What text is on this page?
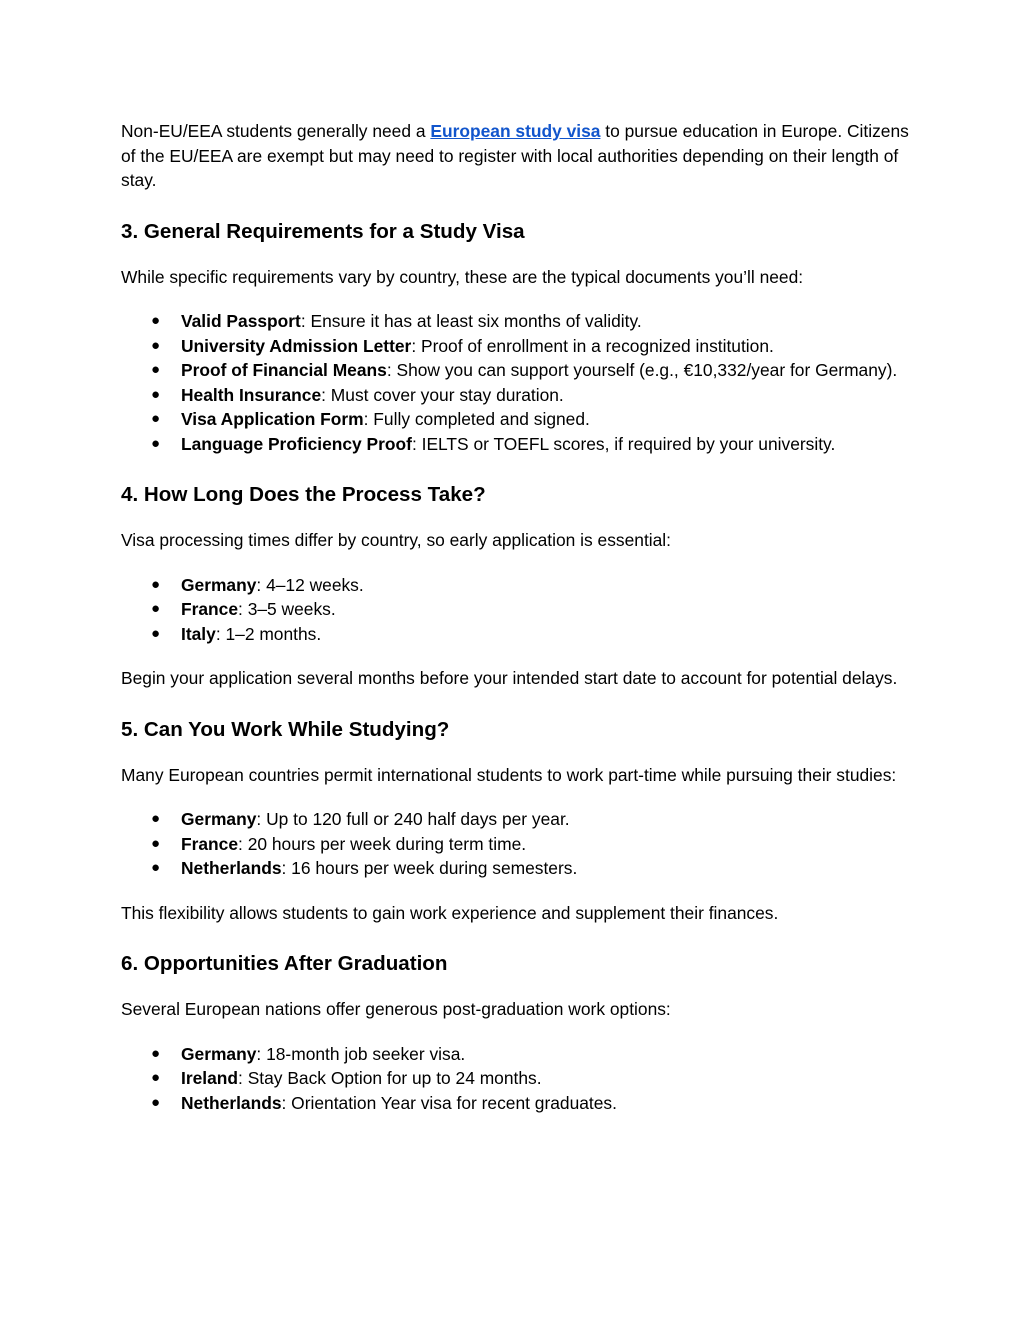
Non-EU/EEA students generally need a European study visa to pursue education in Europe. Citizens of the EU/EEA are exempt but may need to register with local authorities depending on their length of stay.

3. General Requirements for a Study Visa

While specific requirements vary by country, these are the typical documents you’ll need:

● Valid Passport: Ensure it has at least six months of validity.
● University Admission Letter: Proof of enrollment in a recognized institution.
● Proof of Financial Means: Show you can support yourself (e.g., €10,332/year for Germany).
● Health Insurance: Must cover your stay duration.
● Visa Application Form: Fully completed and signed.
● Language Proficiency Proof: IELTS or TOEFL scores, if required by your university.
4. How Long Does the Process Take?

Visa processing times differ by country, so early application is essential:

● Germany: 4–12 weeks.
● France: 3–5 weeks.
● Italy: 1–2 months.

Begin your application several months before your intended start date to account for potential delays.

5. Can You Work While Studying?

Many European countries permit international students to work part-time while pursuing their studies:

● Germany: Up to 120 full or 240 half days per year.
● France: 20 hours per week during term time.
● Netherlands: 16 hours per week during semesters.

This flexibility allows students to gain work experience and supplement their finances.

6. Opportunities After Graduation

Several European nations offer generous post-graduation work options:

● Germany: 18-month job seeker visa.
● Ireland: Stay Back Option for up to 24 months.
● Netherlands: Orientation Year visa for recent graduates.
